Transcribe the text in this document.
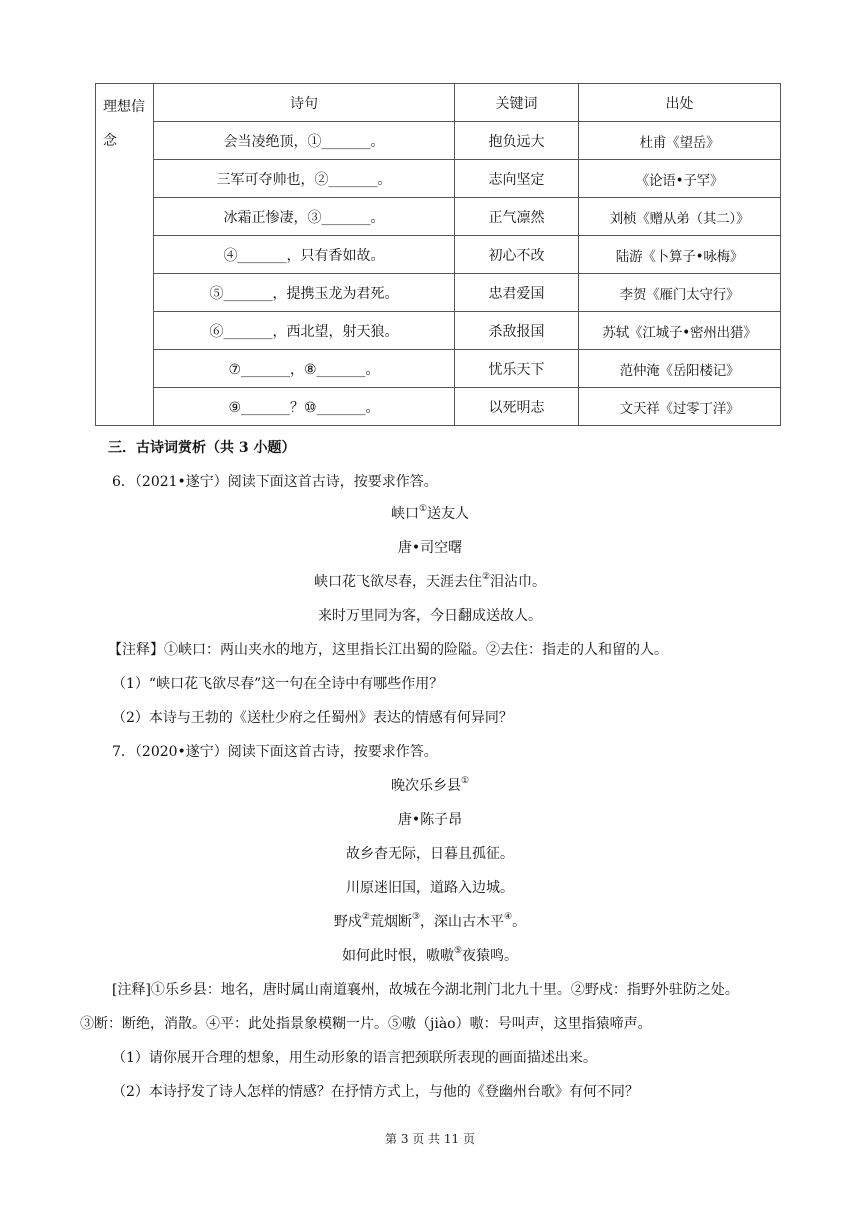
理想信念	诗句	关键词	出处
	会当凌绝顶，①_______。	抱负远大	杜甫《望岳》
	三军可夺帅也，②_______。	志向坚定	《论语•子罕》
	冰霜正惨凄，③_______。	正气凛然	刘桢《赠从弟（其二）》
	④_______，只有香如故。	初心不改	陆游《卜算子•咏梅》
	⑤_______，提携玉龙为君死。	忠君爱国	李贺《雁门太守行》
	⑥_______，西北望，射天狼。	杀敌报国	苏轼《江城子•密州出猎》
	⑦_______，⑧_______。	忧乐天下	范仲淹《岳阳楼记》
	⑨_______？⑩_______。	以死明志	文天祥《过零丁洋》
三．古诗词赏析（共 3 小题）
6．（2021•遂宁）阅读下面这首古诗，按要求作答。
峡口①送友人
唐•司空曙
峡口花飞欲尽春，天涯去住②泪沾巾。
来时万里同为客，今日翻成送故人。
【注释】①峡口：两山夹水的地方，这里指长江出蜀的险隘。②去住：指走的人和留的人。
（1）“峡口花飞欲尽春”这一句在全诗中有哪些作用？
（2）本诗与王勃的《送杜少府之任蜀州》表达的情感有何异同？
7．（2020•遂宁）阅读下面这首古诗，按要求作答。
晚次乐乡县①
唐•陈子昂
故乡杳无际，日暮且孤征。
川原迷旧国，道路入边城。
野戍②荒烟断③，深山古木平④。
如何此时恨，嗷嗷⑤夜猿鸣。
[注释]①乐乡县：地名，唐时属山南道襄州，故城在今湖北荆门北九十里。②野戍：指野外驻防之处。
③断：断绝，消散。④平：此处指景象模糊一片。⑤嗷（jiào）嗷：号叫声，这里指猿啼声。
（1）请你展开合理的想象，用生动形象的语言把颈联所表现的画面描述出来。
（2）本诗抒发了诗人怎样的情感？在抒情方式上，与他的《登幽州台歌》有何不同？
第 3 页 共 11 页
